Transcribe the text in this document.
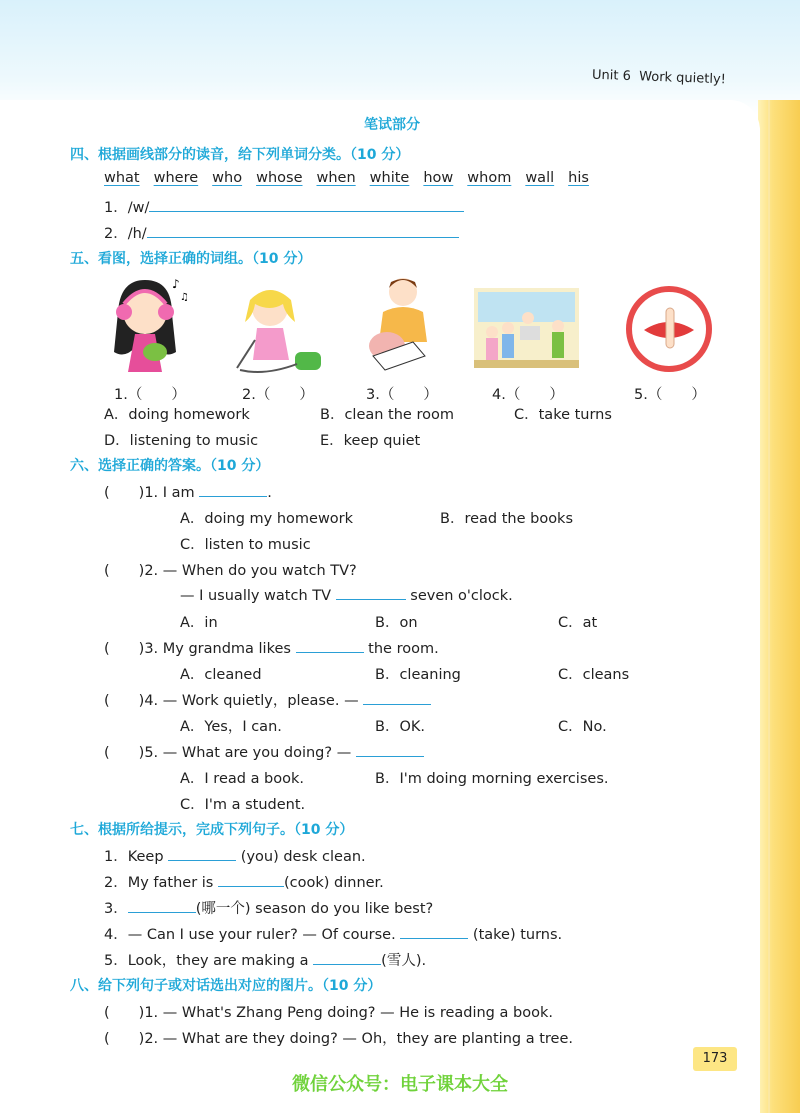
Unit 6 Work quietly!
笔试部分
四、根据画线部分的读音，给下列单词分类。（10 分）
what where who whose when white how whom wall his
1．/w/
2．/h/
五、看图，选择正确的词组。（10 分）
♪
♫
1.（　　）	2.（　　）	3.（　　）	4.（　　）	5.（　　）
A．doing homework	B．clean the room	C．take turns
D．listening to music	E．keep quiet
六、选择正确的答案。（10 分）
(　　)1. I am	.
A．doing my homework	B．read the books
C．listen to music
(　　)2. — When do you watch TV?
— I usually watch TV	seven o'clock.
A．in	B．on	C．at
(　　)3. My grandma likes	the room.
A．cleaned	B．cleaning	C．cleans
(　　)4. — Work quietly，please. —
A．Yes，I can.	B．OK.	C．No.
(　　)5. — What are you doing? —
A．I read a book.	B．I'm doing morning exercises.
C．I'm a student.
七、根据所给提示，完成下列句子。（10 分）
1．Keep	(you) desk clean.
2．My father is	(cook) dinner.
3．	(哪一个) season do you like best?
4．— Can I use your ruler? — Of course.	(take) turns.
5．Look，they are making a	(雪人).
八、给下列句子或对话选出对应的图片。（10 分）
(　　)1. — What's Zhang Peng doing? — He is reading a book.
(　　)2. — What are they doing? — Oh，they are planting a tree.
173
微信公众号：电子课本大全
